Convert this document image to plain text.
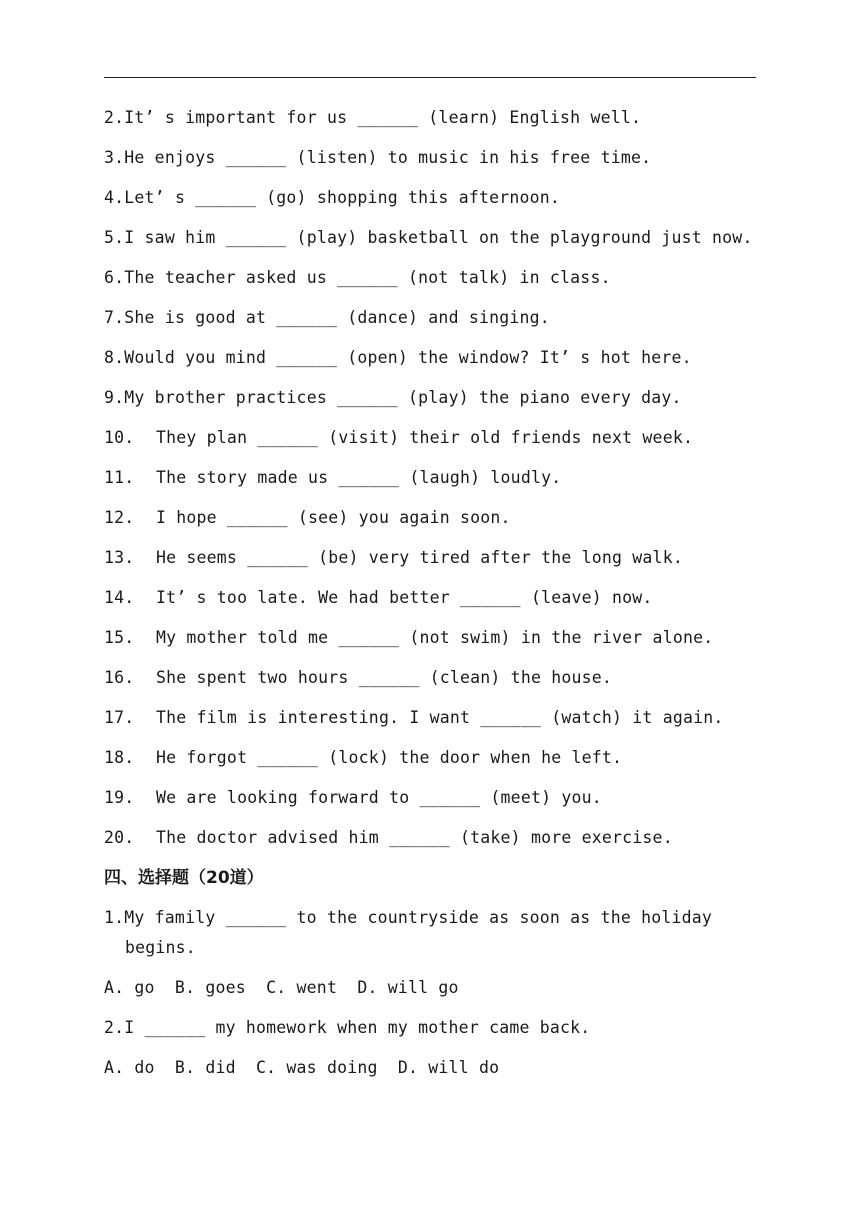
2.It’ s important for us ______ (learn) English well.
3.He enjoys ______ (listen) to music in his free time.
4.Let’ s ______ (go) shopping this afternoon.
5.I saw him ______ (play) basketball on the playground just now.
6.The teacher asked us ______ (not talk) in class.
7.She is good at ______ (dance) and singing.
8.Would you mind ______ (open) the window? It’ s hot here.
9.My brother practices ______ (play) the piano every day.
10. They plan ______ (visit) their old friends next week.
11. The story made us ______ (laugh) loudly.
12. I hope ______ (see) you again soon.
13. He seems ______ (be) very tired after the long walk.
14. It’ s too late. We had better ______ (leave) now.
15. My mother told me ______ (not swim) in the river alone.
16. She spent two hours ______ (clean) the house.
17. The film is interesting. I want ______ (watch) it again.
18. He forgot ______ (lock) the door when he left.
19. We are looking forward to ______ (meet) you.
20. The doctor advised him ______ (take) more exercise.
四、选择题（20道）
1.My family ______ to the countryside as soon as the holiday
begins.
A. go  B. goes  C. went  D. will go
2.I ______ my homework when my mother came back.
A. do  B. did  C. was doing  D. will do
